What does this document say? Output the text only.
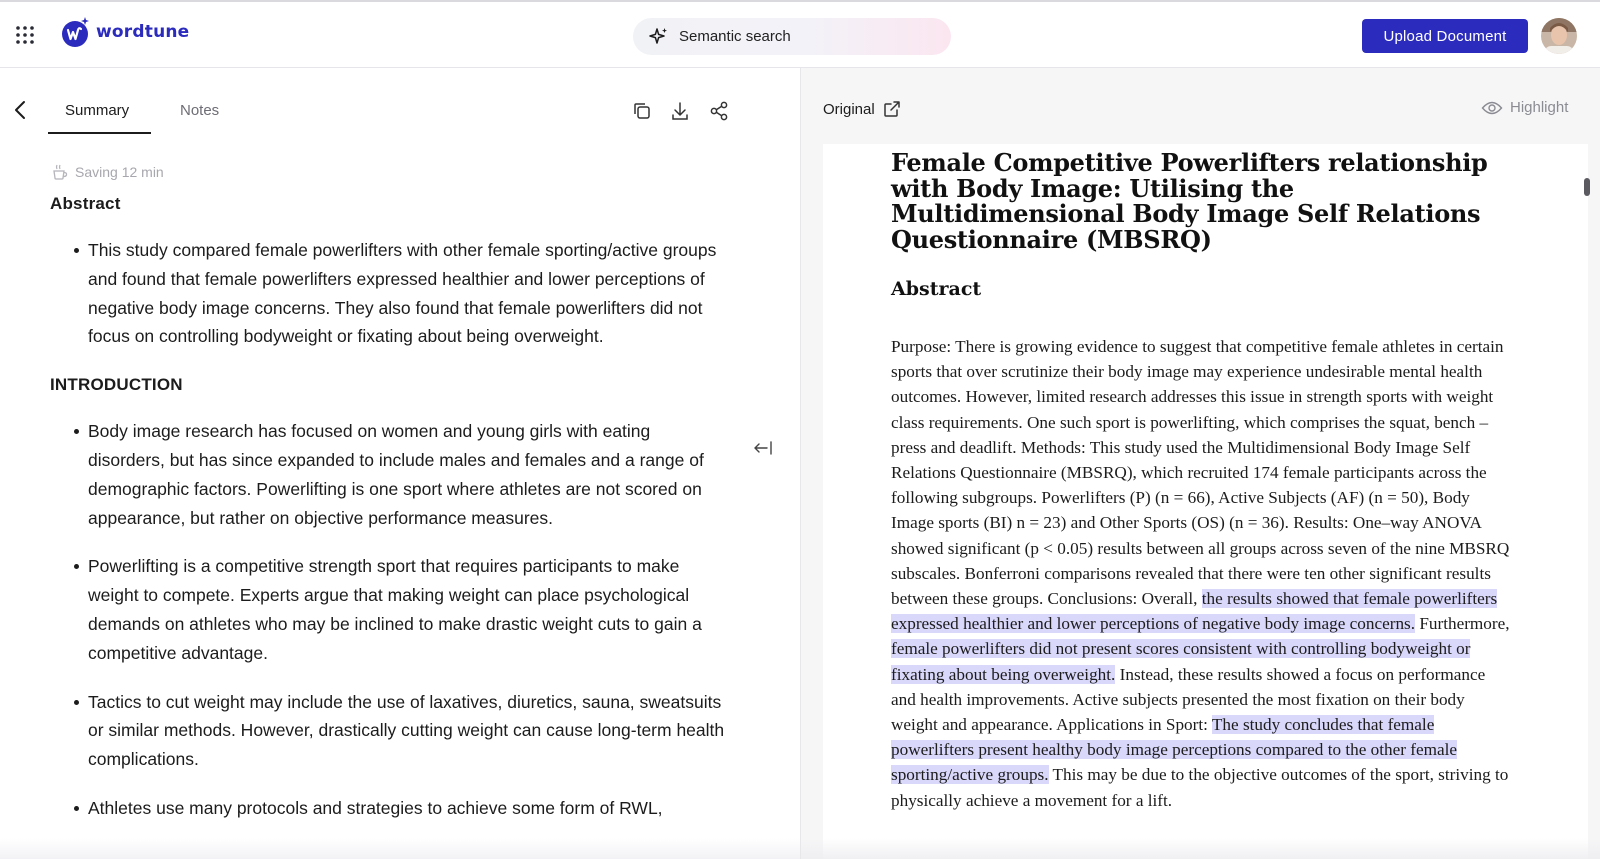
wordtune	Semantic search	Upload Document
Summary	Notes
Saving 12 min
Abstract
This study compared female powerlifters with other female sporting/active groups and found that female powerlifters expressed healthier and lower perceptions of negative body image concerns. They also found that female powerlifters did not focus on controlling bodyweight or fixating about being overweight.
INTRODUCTION
Body image research has focused on women and young girls with eating disorders, but has since expanded to include males and females and a range of demographic factors. Powerlifting is one sport where athletes are not scored on appearance, but rather on objective performance measures.
Powerlifting is a competitive strength sport that requires participants to make weight to compete. Experts argue that making weight can place psychological demands on athletes who may be inclined to make drastic weight cuts to gain a competitive advantage.
Tactics to cut weight may include the use of laxatives, diuretics, sauna, sweatsuits or similar methods. However, drastically cutting weight can cause long-term health complications.
Athletes use many protocols and strategies to achieve some form of RWL,
Original	Highlight
Female Competitive Powerlifters relationship with Body Image: Utilising the Multidimensional Body Image Self Relations Questionnaire (MBSRQ)
Abstract
Purpose: There is growing evidence to suggest that competitive female athletes in certain sports that over scrutinize their body image may experience undesirable mental health outcomes. However, limited research addresses this issue in strength sports with weight class requirements. One such sport is powerlifting, which comprises the squat, bench – press and deadlift. Methods: This study used the Multidimensional Body Image Self Relations Questionnaire (MBSRQ), which recruited 174 female participants across the following subgroups. Powerlifters (P) (n = 66), Active Subjects (AF) (n = 50), Body Image sports (BI) n = 23) and Other Sports (OS) (n = 36). Results: One–way ANOVA showed significant (p < 0.05) results between all groups across seven of the nine MBSRQ subscales. Bonferroni comparisons revealed that there were ten other significant results between these groups. Conclusions: Overall, the results showed that female powerlifters expressed healthier and lower perceptions of negative body image concerns. Furthermore, female powerlifters did not present scores consistent with controlling bodyweight or fixating about being overweight. Instead, these results showed a focus on performance and health improvements. Active subjects presented the most fixation on their body weight and appearance. Applications in Sport: The study concludes that female powerlifters present healthy body image perceptions compared to the other female sporting/active groups. This may be due to the objective outcomes of the sport, striving to physically achieve a movement for a lift.
